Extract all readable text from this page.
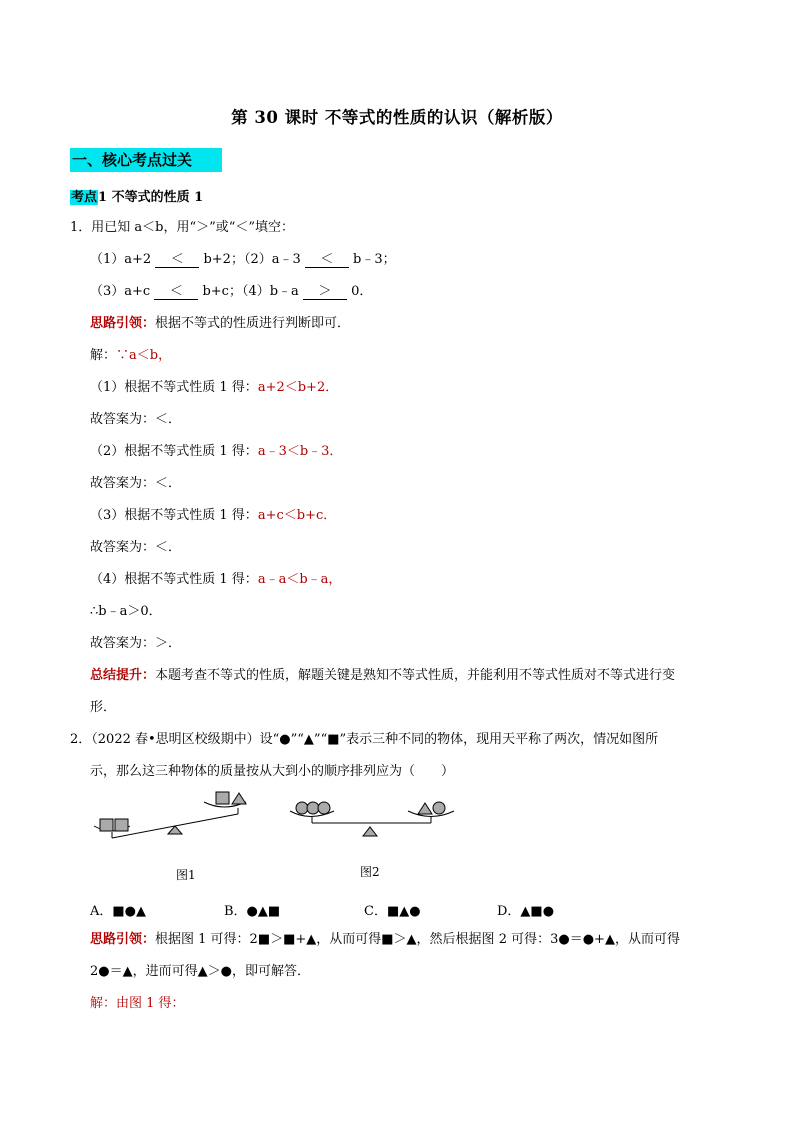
第 30 课时 不等式的性质的认识（解析版）
一、核心考点过关
考点1 不等式的性质 1
1．用已知 a＜b，用“＞”或“＜”填空：
（1）a+2 ＜ b+2；（2）a﹣3 ＜ b﹣3；
（3）a+c ＜ b+c；（4）b﹣a ＞ 0．
思路引领：根据不等式的性质进行判断即可．
解：∵a＜b，
（1）根据不等式性质 1 得：a+2＜b+2．
故答案为：＜．
（2）根据不等式性质 1 得：a﹣3＜b﹣3．
故答案为：＜．
（3）根据不等式性质 1 得：a+c＜b+c．
故答案为：＜．
（4）根据不等式性质 1 得：a﹣a＜b﹣a，
∴b﹣a＞0．
故答案为：＞．
总结提升：本题考查不等式的性质，解题关键是熟知不等式性质，并能利用不等式性质对不等式进行变
形．
2．（2022 春•思明区校级期中）设“●”“▲”“■”表示三种不同的物体，现用天平称了两次，情况如图所
示，那么这三种物体的质量按从大到小的顺序排列应为（　　）
图1	图2
A．■●▲	B．●▲■	C．■▲●	D．▲■●
思路引领：根据图 1 可得：2■＞■+▲，从而可得■＞▲，然后根据图 2 可得：3●＝●+▲，从而可得
2●＝▲，进而可得▲＞●，即可解答．
解：由图 1 得：
